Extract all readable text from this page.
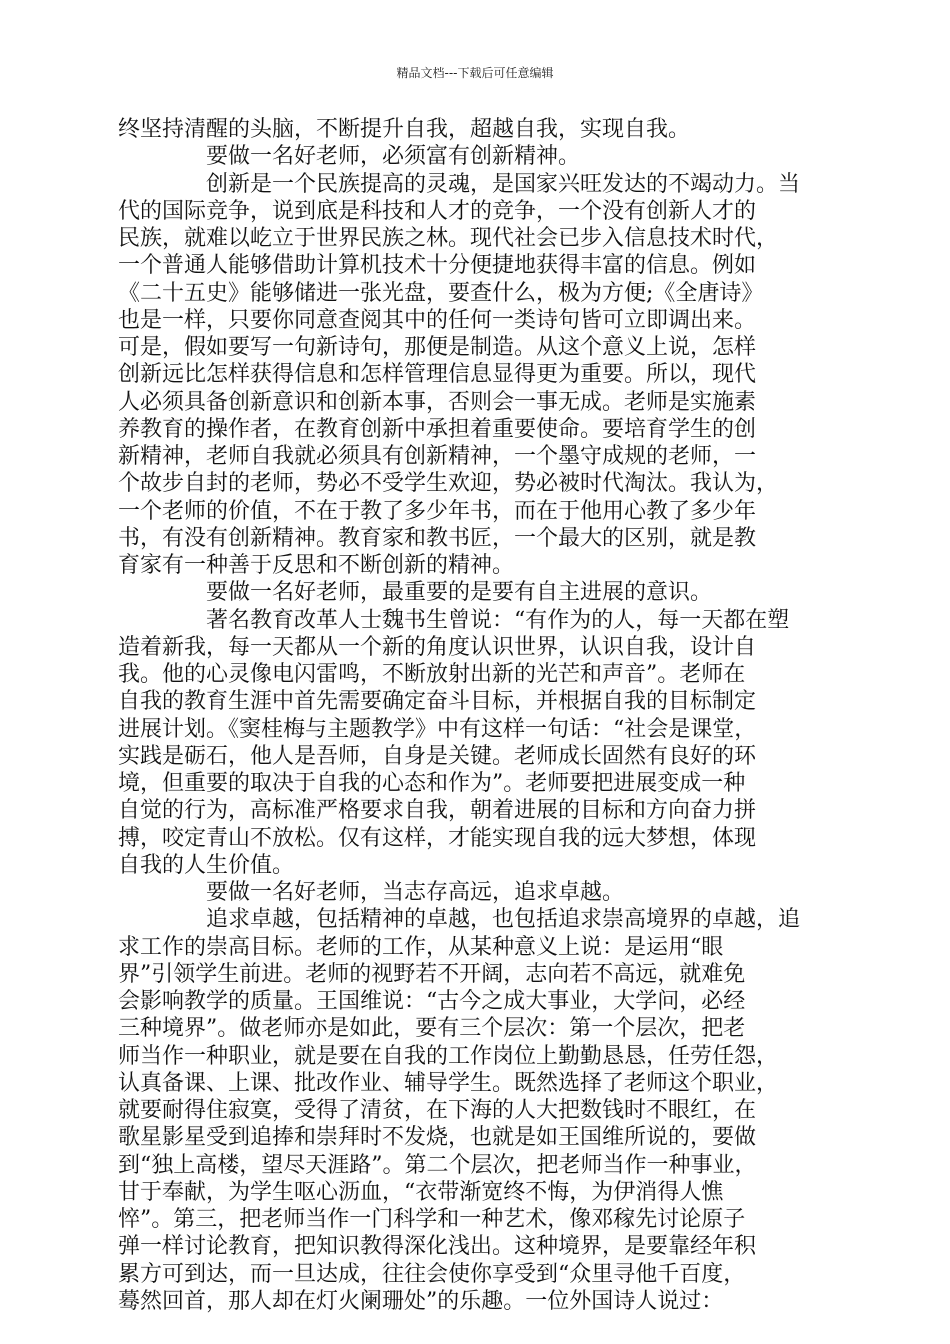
精品文档---下载后可任意编辑
终坚持清醒的头脑，不断提升自我，超越自我，实现自我。
要做一名好老师，必须富有创新精神。
创新是一个民族提高的灵魂，是国家兴旺发达的不竭动力。当
代的国际竞争，说到底是科技和人才的竞争，一个没有创新人才的
民族，就难以屹立于世界民族之林。现代社会已步入信息技术时代，
一个普通人能够借助计算机技术十分便捷地获得丰富的信息。例如
《二十五史》能够储进一张光盘，要查什么，极为方便;《全唐诗》
也是一样，只要你同意查阅其中的任何一类诗句皆可立即调出来。
可是，假如要写一句新诗句，那便是制造。从这个意义上说，怎样
创新远比怎样获得信息和怎样管理信息显得更为重要。所以，现代
人必须具备创新意识和创新本事，否则会一事无成。老师是实施素
养教育的操作者，在教育创新中承担着重要使命。要培育学生的创
新精神，老师自我就必须具有创新精神，一个墨守成规的老师，一
个故步自封的老师，势必不受学生欢迎，势必被时代淘汰。我认为，
一个老师的价值，不在于教了多少年书，而在于他用心教了多少年
书，有没有创新精神。教育家和教书匠，一个最大的区别，就是教
育家有一种善于反思和不断创新的精神。
要做一名好老师，最重要的是要有自主进展的意识。
著名教育改革人士魏书生曾说：“有作为的人，每一天都在塑
造着新我，每一天都从一个新的角度认识世界，认识自我，设计自
我。他的心灵像电闪雷鸣，不断放射出新的光芒和声音”。老师在
自我的教育生涯中首先需要确定奋斗目标，并根据自我的目标制定
进展计划。《窦桂梅与主题教学》中有这样一句话：“社会是课堂，
实践是砺石，他人是吾师，自身是关键。老师成长固然有良好的环
境，但重要的取决于自我的心态和作为”。老师要把进展变成一种
自觉的行为，高标准严格要求自我，朝着进展的目标和方向奋力拼
搏，咬定青山不放松。仅有这样，才能实现自我的远大梦想，体现
自我的人生价值。
要做一名好老师，当志存高远，追求卓越。
追求卓越，包括精神的卓越，也包括追求崇高境界的卓越，追
求工作的崇高目标。老师的工作，从某种意义上说：是运用“眼
界”引领学生前进。老师的视野若不开阔，志向若不高远，就难免
会影响教学的质量。王国维说：“古今之成大事业，大学问，必经
三种境界”。做老师亦是如此，要有三个层次：第一个层次，把老
师当作一种职业，就是要在自我的工作岗位上勤勤恳恳，任劳任怨，
认真备课、上课、批改作业、辅导学生。既然选择了老师这个职业，
就要耐得住寂寞，受得了清贫，在下海的人大把数钱时不眼红，在
歌星影星受到追捧和崇拜时不发烧，也就是如王国维所说的，要做
到“独上高楼，望尽天涯路”。第二个层次，把老师当作一种事业，
甘于奉献，为学生呕心沥血，“衣带渐宽终不悔，为伊消得人憔
悴”。第三，把老师当作一门科学和一种艺术，像邓稼先讨论原子
弹一样讨论教育，把知识教得深化浅出。这种境界，是要靠经年积
累方可到达，而一旦达成，往往会使你享受到“众里寻他千百度，
蓦然回首，那人却在灯火阑珊处”的乐趣。一位外国诗人说过：
